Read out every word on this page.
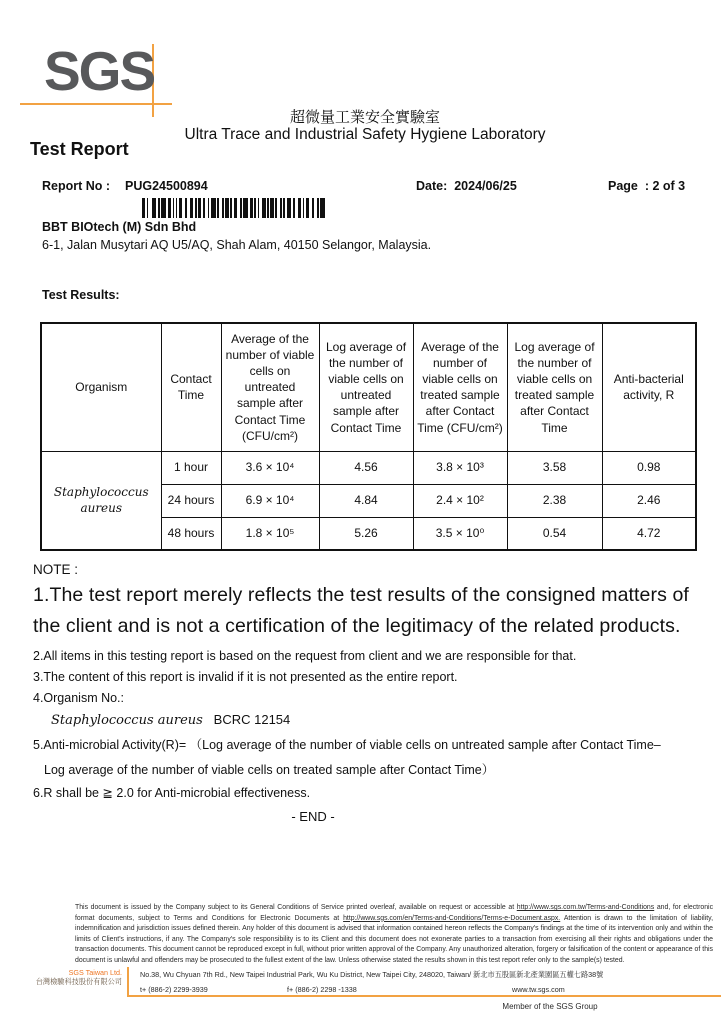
SGS
超微量工業安全實驗室
Ultra Trace and Industrial Safety Hygiene Laboratory
Test Report
Report No : PUG24500894	Date: 2024/06/25	Page : 2 of 3
BBT BIOtech (M) Sdn Bhd
6-1, Jalan Musytari AQ U5/AQ, Shah Alam, 40150 Selangor, Malaysia.
Test Results:
Organism	Contact Time	Average of the number of viable cells on untreated sample after Contact Time (CFU/cm²)	Log average of the number of viable cells on untreated sample after Contact Time	Average of the number of viable cells on treated sample after Contact Time (CFU/cm²)	Log average of the number of viable cells on treated sample after Contact Time	Anti-bacterial activity, R
Staphylococcus aureus	1 hour	3.6 × 10⁴	4.56	3.8 × 10³	3.58	0.98
	24 hours	6.9 × 10⁴	4.84	2.4 × 10²	2.38	2.46
	48 hours	1.8 × 10⁵	5.26	3.5 × 10⁰	0.54	4.72
NOTE :
1.The test report merely reflects the test results of the consigned matters of the client and is not a certification of the legitimacy of the related products.
2.All items in this testing report is based on the request from client and we are responsible for that.
3.The content of this report is invalid if it is not presented as the entire report.
4.Organism No.:
Staphylococcus aureus BCRC 12154
5.Anti-microbial Activity(R)= （Log average of the number of viable cells on untreated sample after Contact Time–
Log average of the number of viable cells on treated sample after Contact Time）
6.R shall be ≧ 2.0 for Anti-microbial effectiveness.
- END -
This document is issued by the Company subject to its General Conditions of Service printed overleaf, available on request or accessible at http://www.sgs.com.tw/Terms-and-Conditions and, for electronic format documents, subject to Terms and Conditions for Electronic Documents at http://www.sgs.com/en/Terms-and-Conditions/Terms-e-Document.aspx. Attention is drawn to the limitation of liability, indemnification and jurisdiction issues defined therein. Any holder of this document is advised that information contained hereon reflects the Company's findings at the time of its intervention only and within the limits of Client's instructions, if any. The Company's sole responsibility is to its Client and this document does not exonerate parties to a transaction from exercising all their rights and obligations under the transaction documents. This document cannot be reproduced except in full, without prior written approval of the Company. Any unauthorized alteration, forgery or falsification of the content or appearance of this document is unlawful and offenders may be prosecuted to the fullest extent of the law. Unless otherwise stated the results shown in this test report refer only to the sample(s) tested.
SGS Taiwan Ltd.
台灣檢驗科技股份有限公司
No.38, Wu Chyuan 7th Rd., New Taipei Industrial Park, Wu Ku District, New Taipei City, 248020, Taiwan/ 新北市五股區新北產業園區五權七路38號
t+ (886-2) 2299-3939	f+ (886-2) 2298 -1338	www.tw.sgs.com
Member of the SGS Group
